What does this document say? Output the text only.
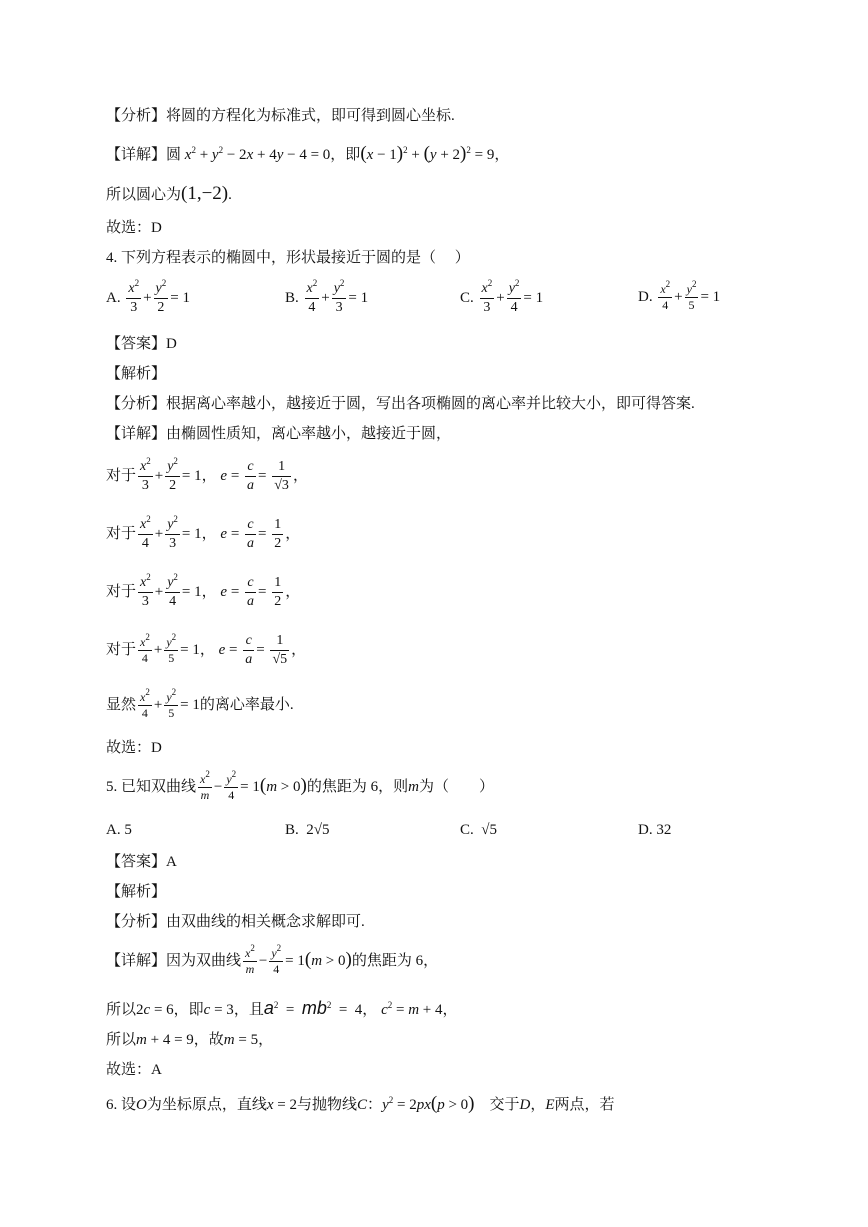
【分析】将圆的方程化为标准式，即可得到圆心坐标.
【详解】圆 $x^2 + y^2 - 2x + 4y - 4 = 0$，即$(x - 1)^2 + (y + 2)^2 = 9$，
所以圆心为(1,−2).
故选：D
4. 下列方程表示的椭圆中，形状最接近于圆的是（　 ）
A. $\frac{x^2}{3} + \frac{y^2}{2} = 1$	B. $\frac{x^2}{4} + \frac{y^2}{3} = 1$	C. $\frac{x^2}{3} + \frac{y^2}{4} = 1$	D. $\frac{x^2}{4} + \frac{y^2}{5} = 1$
【答案】D
【解析】
【分析】根据离心率越小，越接近于圆，写出各项椭圆的离心率并比较大小，即可得答案.
【详解】由椭圆性质知，离心率越小，越接近于圆，
对于 $\frac{x^2}{3} + \frac{y^2}{2} = 1$， $e = \frac{c}{a} = \frac{1}{√3}$ ，
对于 $\frac{x^2}{4} + \frac{y^2}{3} = 1$， $e = \frac{c}{a} = \frac{1}{2}$ ，
对于 $\frac{x^2}{3} + \frac{y^2}{4} = 1$， $e = \frac{c}{a} = \frac{1}{2}$ ，
对于 $\frac{x^2}{4} + \frac{y^2}{5} = 1$， $e = \frac{c}{a} = \frac{1}{√5}$ ，
显然 $\frac{x^2}{4} + \frac{y^2}{5} = 1$的离心率最小.
故选：D
5. 已知双曲线 $\frac{x^2}{m} - \frac{y^2}{4} = 1(m > 0)$的焦距为 6，则m为（　　）
A. 5	B. 2√5	C. √5	D. 32
【答案】A
【解析】
【分析】由双曲线的相关概念求解即可.
【详解】因为双曲线 $\frac{x^2}{m} - \frac{y^2}{4} = 1(m > 0)$的焦距为 6，
所以2c = 6，即c = 3，且$a^2 = mb^2 = 4$， $c^2 = m + 4$，
所以m + 4 = 9，故m = 5，
故选：A
6. 设O为坐标原点，直线x = 2与抛物线C：$y^2 = 2px(p > 0)$　交于D，E两点，若
